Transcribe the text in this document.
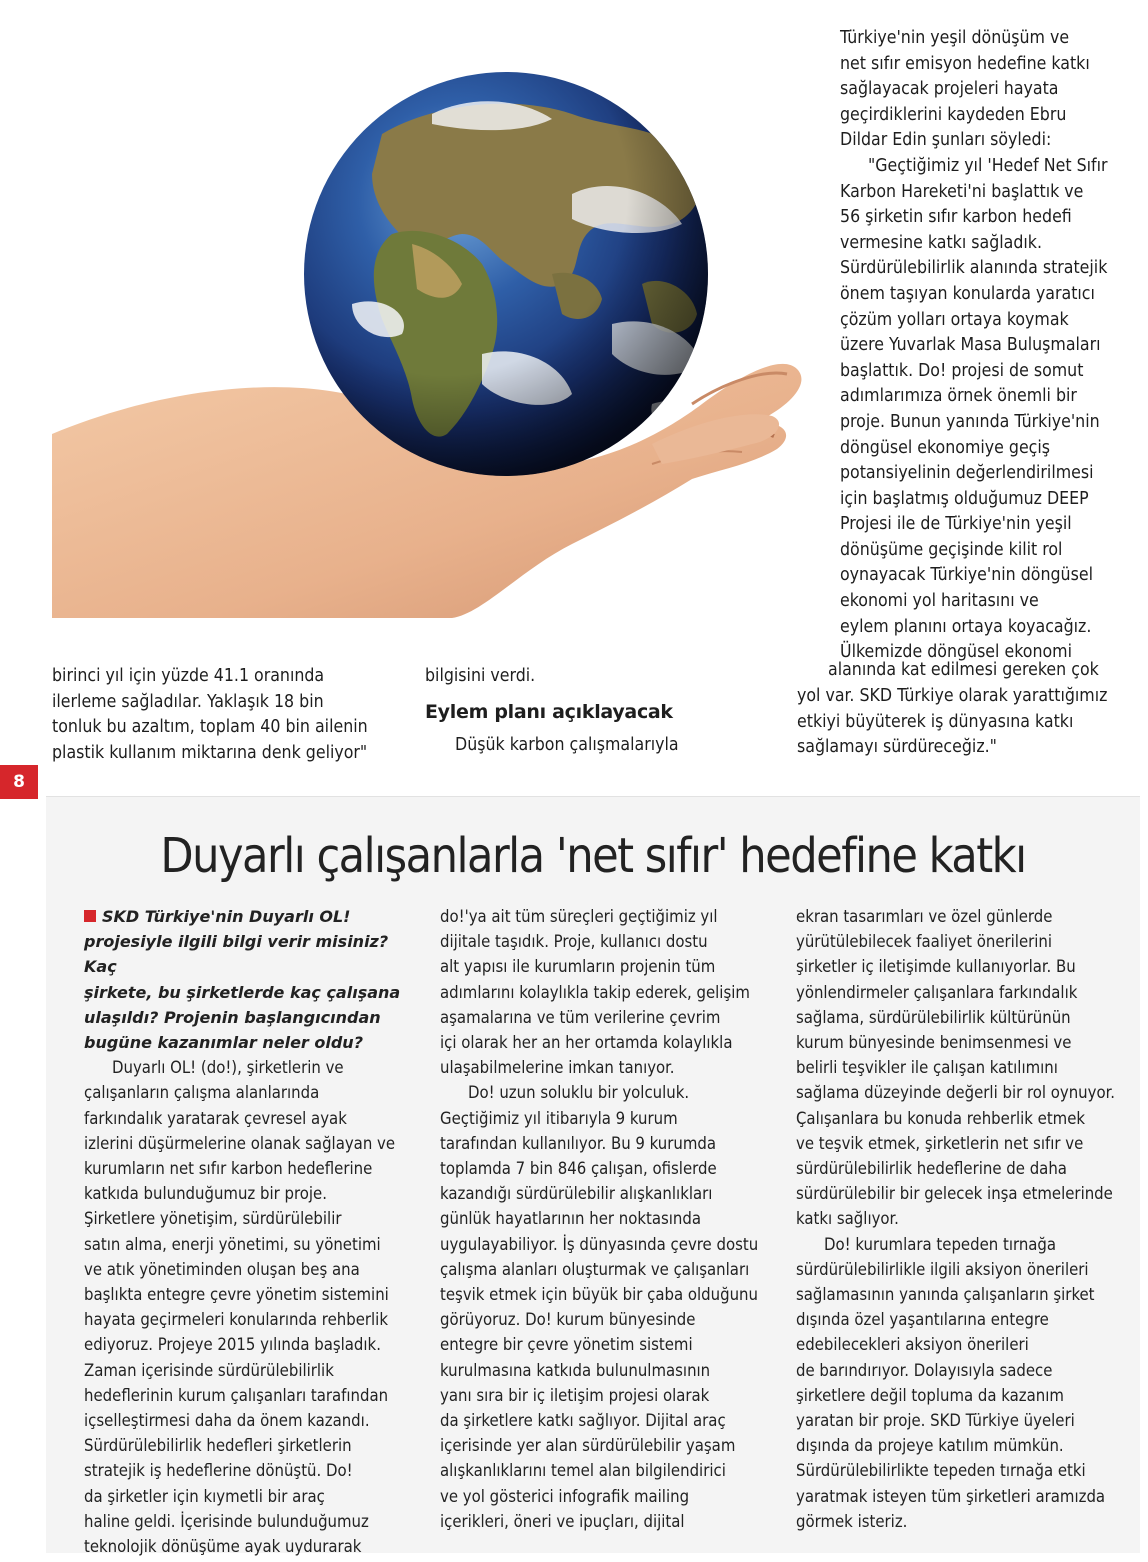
Türkiye'nin yeşil dönüşüm ve
net sıfır emisyon hedefine katkı
sağlayacak projeleri hayata
geçirdiklerini kaydeden Ebru
Dildar Edin şunları söyledi:

"Geçtiğimiz yıl 'Hedef Net Sıfır
Karbon Hareketi'ni başlattık ve
56 şirketin sıfır karbon hedefi
vermesine katkı sağladık.
Sürdürülebilirlik alanında stratejik
önem taşıyan konularda yaratıcı
çözüm yolları ortaya koymak
üzere Yuvarlak Masa Buluşmaları
başlattık. Do! projesi de somut
adımlarımıza örnek önemli bir
proje. Bunun yanında Türkiye'nin
döngüsel ekonomiye geçiş
potansiyelinin değerlendirilmesi
için başlatmış olduğumuz DEEP
Projesi ile de Türkiye'nin yeşil
dönüşüme geçişinde kilit rol
oynayacak Türkiye'nin döngüsel
ekonomi yol haritasını ve
eylem planını ortaya koyacağız.
Ülkemizde döngüsel ekonomi

alanında kat edilmesi gereken çok

yol var. SKD Türkiye olarak yarattığımız
etkiyi büyüterek iş dünyasına katkı
sağlamayı sürdüreceğiz."

birinci yıl için yüzde 41.1 oranında
ilerleme sağladılar. Yaklaşık 18 bin
tonluk bu azaltım, toplam 40 bin ailenin
plastik kullanım miktarına denk geliyor"

bilgisini verdi.

Eylem planı açıklayacak

Düşük karbon çalışmalarıyla

8
Duyarlı çalışanlarla 'net sıfır' hedefine katkı

SKD Türkiye'nin Duyarlı OL!
projesiyle ilgili bilgi verir misiniz? Kaç
şirkete, bu şirketlerde kaç çalışana
ulaşıldı? Projenin başlangıcından
bugüne kazanımlar neler oldu?

Duyarlı OL! (do!), şirketlerin ve
çalışanların çalışma alanlarında
farkındalık yaratarak çevresel ayak
izlerini düşürmelerine olanak sağlayan ve
kurumların net sıfır karbon hedeflerine
katkıda bulunduğumuz bir proje.
Şirketlere yönetişim, sürdürülebilir
satın alma, enerji yönetimi, su yönetimi
ve atık yönetiminden oluşan beş ana
başlıkta entegre çevre yönetim sistemini
hayata geçirmeleri konularında rehberlik
ediyoruz. Projeye 2015 yılında başladık.
Zaman içerisinde sürdürülebilirlik
hedeflerinin kurum çalışanları tarafından
içselleştirmesi daha da önem kazandı.
Sürdürülebilirlik hedefleri şirketlerin
stratejik iş hedeflerine dönüştü. Do!
da şirketler için kıymetli bir araç
haline geldi. İçerisinde bulunduğumuz
teknolojik dönüşüme ayak uydurarak

do!'ya ait tüm süreçleri geçtiğimiz yıl
dijitale taşıdık. Proje, kullanıcı dostu
alt yapısı ile kurumların projenin tüm
adımlarını kolaylıkla takip ederek, gelişim
aşamalarına ve tüm verilerine çevrim
içi olarak her an her ortamda kolaylıkla
ulaşabilmelerine imkan tanıyor.

Do! uzun soluklu bir yolculuk.
Geçtiğimiz yıl itibarıyla 9 kurum
tarafından kullanılıyor. Bu 9 kurumda
toplamda 7 bin 846 çalışan, ofislerde
kazandığı sürdürülebilir alışkanlıkları
günlük hayatlarının her noktasında
uygulayabiliyor. İş dünyasında çevre dostu
çalışma alanları oluşturmak ve çalışanları
teşvik etmek için büyük bir çaba olduğunu
görüyoruz. Do! kurum bünyesinde
entegre bir çevre yönetim sistemi
kurulmasına katkıda bulunulmasının
yanı sıra bir iç iletişim projesi olarak
da şirketlere katkı sağlıyor. Dijital araç
içerisinde yer alan sürdürülebilir yaşam
alışkanlıklarını temel alan bilgilendirici
ve yol gösterici infografik mailing
içerikleri, öneri ve ipuçları, dijital

ekran tasarımları ve özel günlerde
yürütülebilecek faaliyet önerilerini
şirketler iç iletişimde kullanıyorlar. Bu
yönlendirmeler çalışanlara farkındalık
sağlama, sürdürülebilirlik kültürünün
kurum bünyesinde benimsenmesi ve
belirli teşvikler ile çalışan katılımını
sağlama düzeyinde değerli bir rol oynuyor.
Çalışanlara bu konuda rehberlik etmek
ve teşvik etmek, şirketlerin net sıfır ve
sürdürülebilirlik hedeflerine de daha
sürdürülebilir bir gelecek inşa etmelerinde
katkı sağlıyor.

Do! kurumlara tepeden tırnağa
sürdürülebilirlikle ilgili aksiyon önerileri
sağlamasının yanında çalışanların şirket
dışında özel yaşantılarına entegre
edebilecekleri aksiyon önerileri
de barındırıyor. Dolayısıyla sadece
şirketlere değil topluma da kazanım
yaratan bir proje. SKD Türkiye üyeleri
dışında da projeye katılım mümkün.
Sürdürülebilirlikte tepeden tırnağa etki
yaratmak isteyen tüm şirketleri aramızda
görmek isteriz.
